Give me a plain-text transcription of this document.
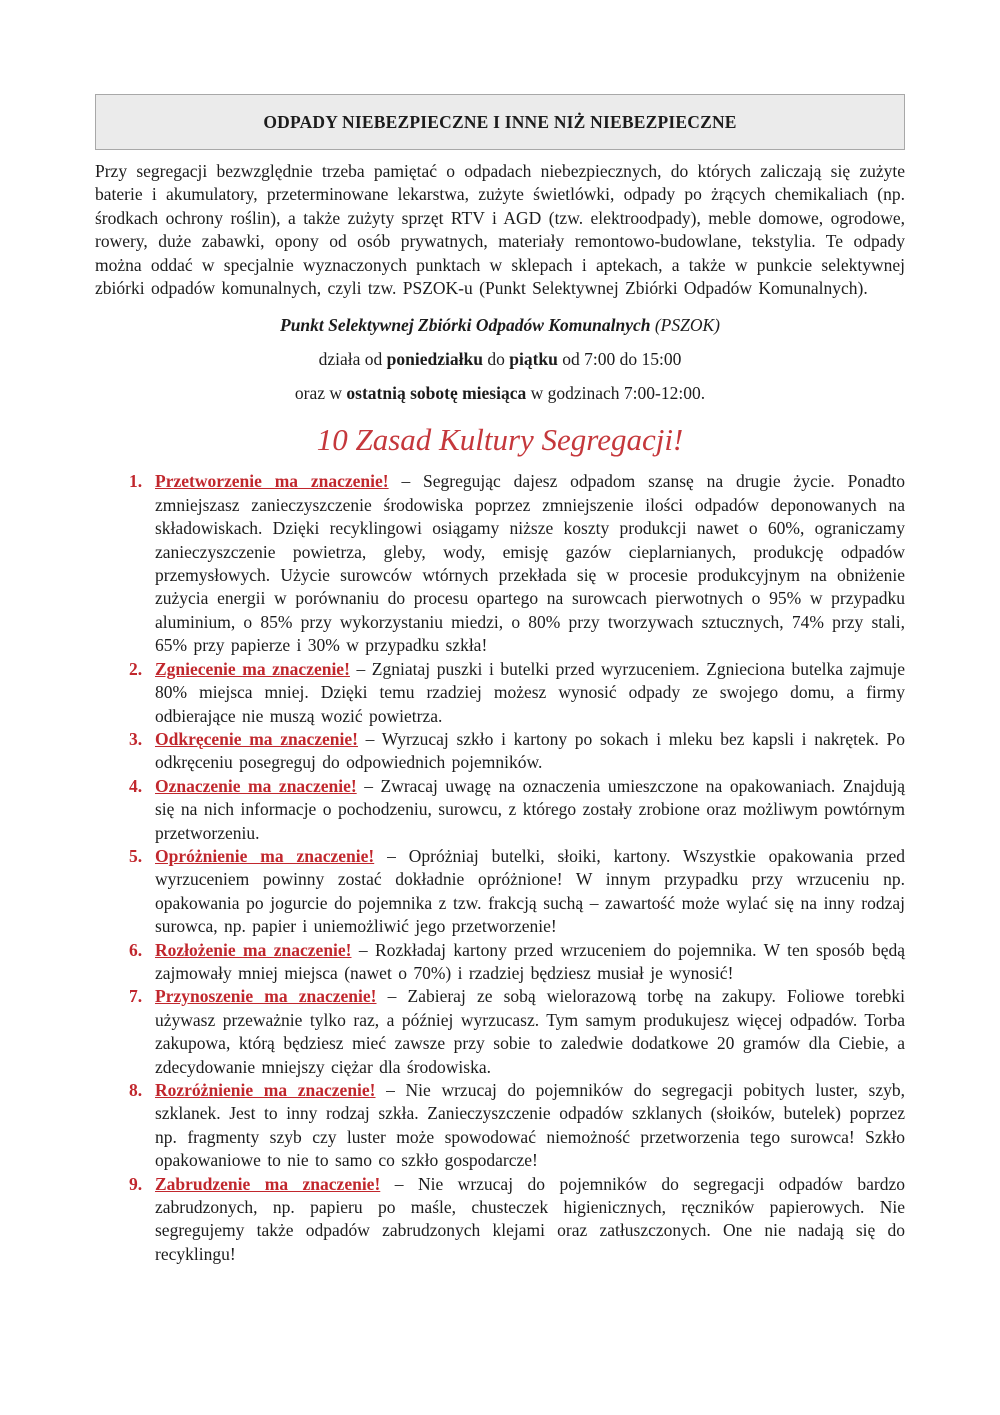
ODPADY NIEBEZPIECZNE I INNE NIŻ NIEBEZPIECZNE

Przy segregacji bezwzględnie trzeba pamiętać o odpadach niebezpiecznych, do których zaliczają się zużyte baterie i akumulatory, przeterminowane lekarstwa, zużyte świetlówki, odpady po żrących chemikaliach (np. środkach ochrony roślin), a także zużyty sprzęt RTV i AGD (tzw. elektroodpady), meble domowe, ogrodowe, rowery, duże zabawki, opony od osób prywatnych, materiały remontowo-budowlane, tekstylia. Te odpady można oddać w specjalnie wyznaczonych punktach w sklepach i aptekach, a także w punkcie selektywnej zbiórki odpadów komunalnych, czyli tzw. PSZOK-u (Punkt Selektywnej Zbiórki Odpadów Komunalnych).

Punkt Selektywnej Zbiórki Odpadów Komunalnych (PSZOK)

działa od poniedziałku do piątku od 7:00 do 15:00

oraz w ostatnią sobotę miesiąca w godzinach 7:00-12:00.

10 Zasad Kultury Segregacji!

1. Przetworzenie ma znaczenie! – Segregując dajesz odpadom szansę na drugie życie. Ponadto zmniejszasz zanieczyszczenie środowiska poprzez zmniejszenie ilości odpadów deponowanych na składowiskach. Dzięki recyklingowi osiągamy niższe koszty produkcji nawet o 60%, ograniczamy zanieczyszczenie powietrza, gleby, wody, emisję gazów cieplarnianych, produkcję odpadów przemysłowych. Użycie surowców wtórnych przekłada się w procesie produkcyjnym na obniżenie zużycia energii w porównaniu do procesu opartego na surowcach pierwotnych o 95% w przypadku aluminium, o 85% przy wykorzystaniu miedzi, o 80% przy tworzywach sztucznych, 74% przy stali, 65% przy papierze i 30% w przypadku szkła!

2. Zgniecenie ma znaczenie! – Zgniataj puszki i butelki przed wyrzuceniem. Zgnieciona butelka zajmuje 80% miejsca mniej. Dzięki temu rzadziej możesz wynosić odpady ze swojego domu, a firmy odbierające nie muszą wozić powietrza.

3. Odkręcenie ma znaczenie! – Wyrzucaj szkło i kartony po sokach i mleku bez kapsli i nakrętek. Po odkręceniu posegreguj do odpowiednich pojemników.

4. Oznaczenie ma znaczenie! – Zwracaj uwagę na oznaczenia umieszczone na opakowaniach. Znajdują się na nich informacje o pochodzeniu, surowcu, z którego zostały zrobione oraz możliwym powtórnym przetworzeniu.

5. Opróżnienie ma znaczenie! – Opróżniaj butelki, słoiki, kartony. Wszystkie opakowania przed wyrzuceniem powinny zostać dokładnie opróżnione! W innym przypadku przy wrzuceniu np. opakowania po jogurcie do pojemnika z tzw. frakcją suchą – zawartość może wylać się na inny rodzaj surowca, np. papier i uniemożliwić jego przetworzenie!

6. Rozłożenie ma znaczenie! – Rozkładaj kartony przed wrzuceniem do pojemnika. W ten sposób będą zajmowały mniej miejsca (nawet o 70%) i rzadziej będziesz musiał je wynosić!

7. Przynoszenie ma znaczenie! – Zabieraj ze sobą wielorazową torbę na zakupy. Foliowe torebki używasz przeważnie tylko raz, a później wyrzucasz. Tym samym produkujesz więcej odpadów. Torba zakupowa, którą będziesz mieć zawsze przy sobie to zaledwie dodatkowe 20 gramów dla Ciebie, a zdecydowanie mniejszy ciężar dla środowiska.

8. Rozróżnienie ma znaczenie! – Nie wrzucaj do pojemników do segregacji pobitych luster, szyb, szklanek. Jest to inny rodzaj szkła. Zanieczyszczenie odpadów szklanych (słoików, butelek) poprzez np. fragmenty szyb czy luster może spowodować niemożność przetworzenia tego surowca! Szkło opakowaniowe to nie to samo co szkło gospodarcze!

9. Zabrudzenie ma znaczenie! – Nie wrzucaj do pojemników do segregacji odpadów bardzo zabrudzonych, np. papieru po maśle, chusteczek higienicznych, ręczników papierowych. Nie segregujemy także odpadów zabrudzonych klejami oraz zatłuszczonych. One nie nadają się do recyklingu!
